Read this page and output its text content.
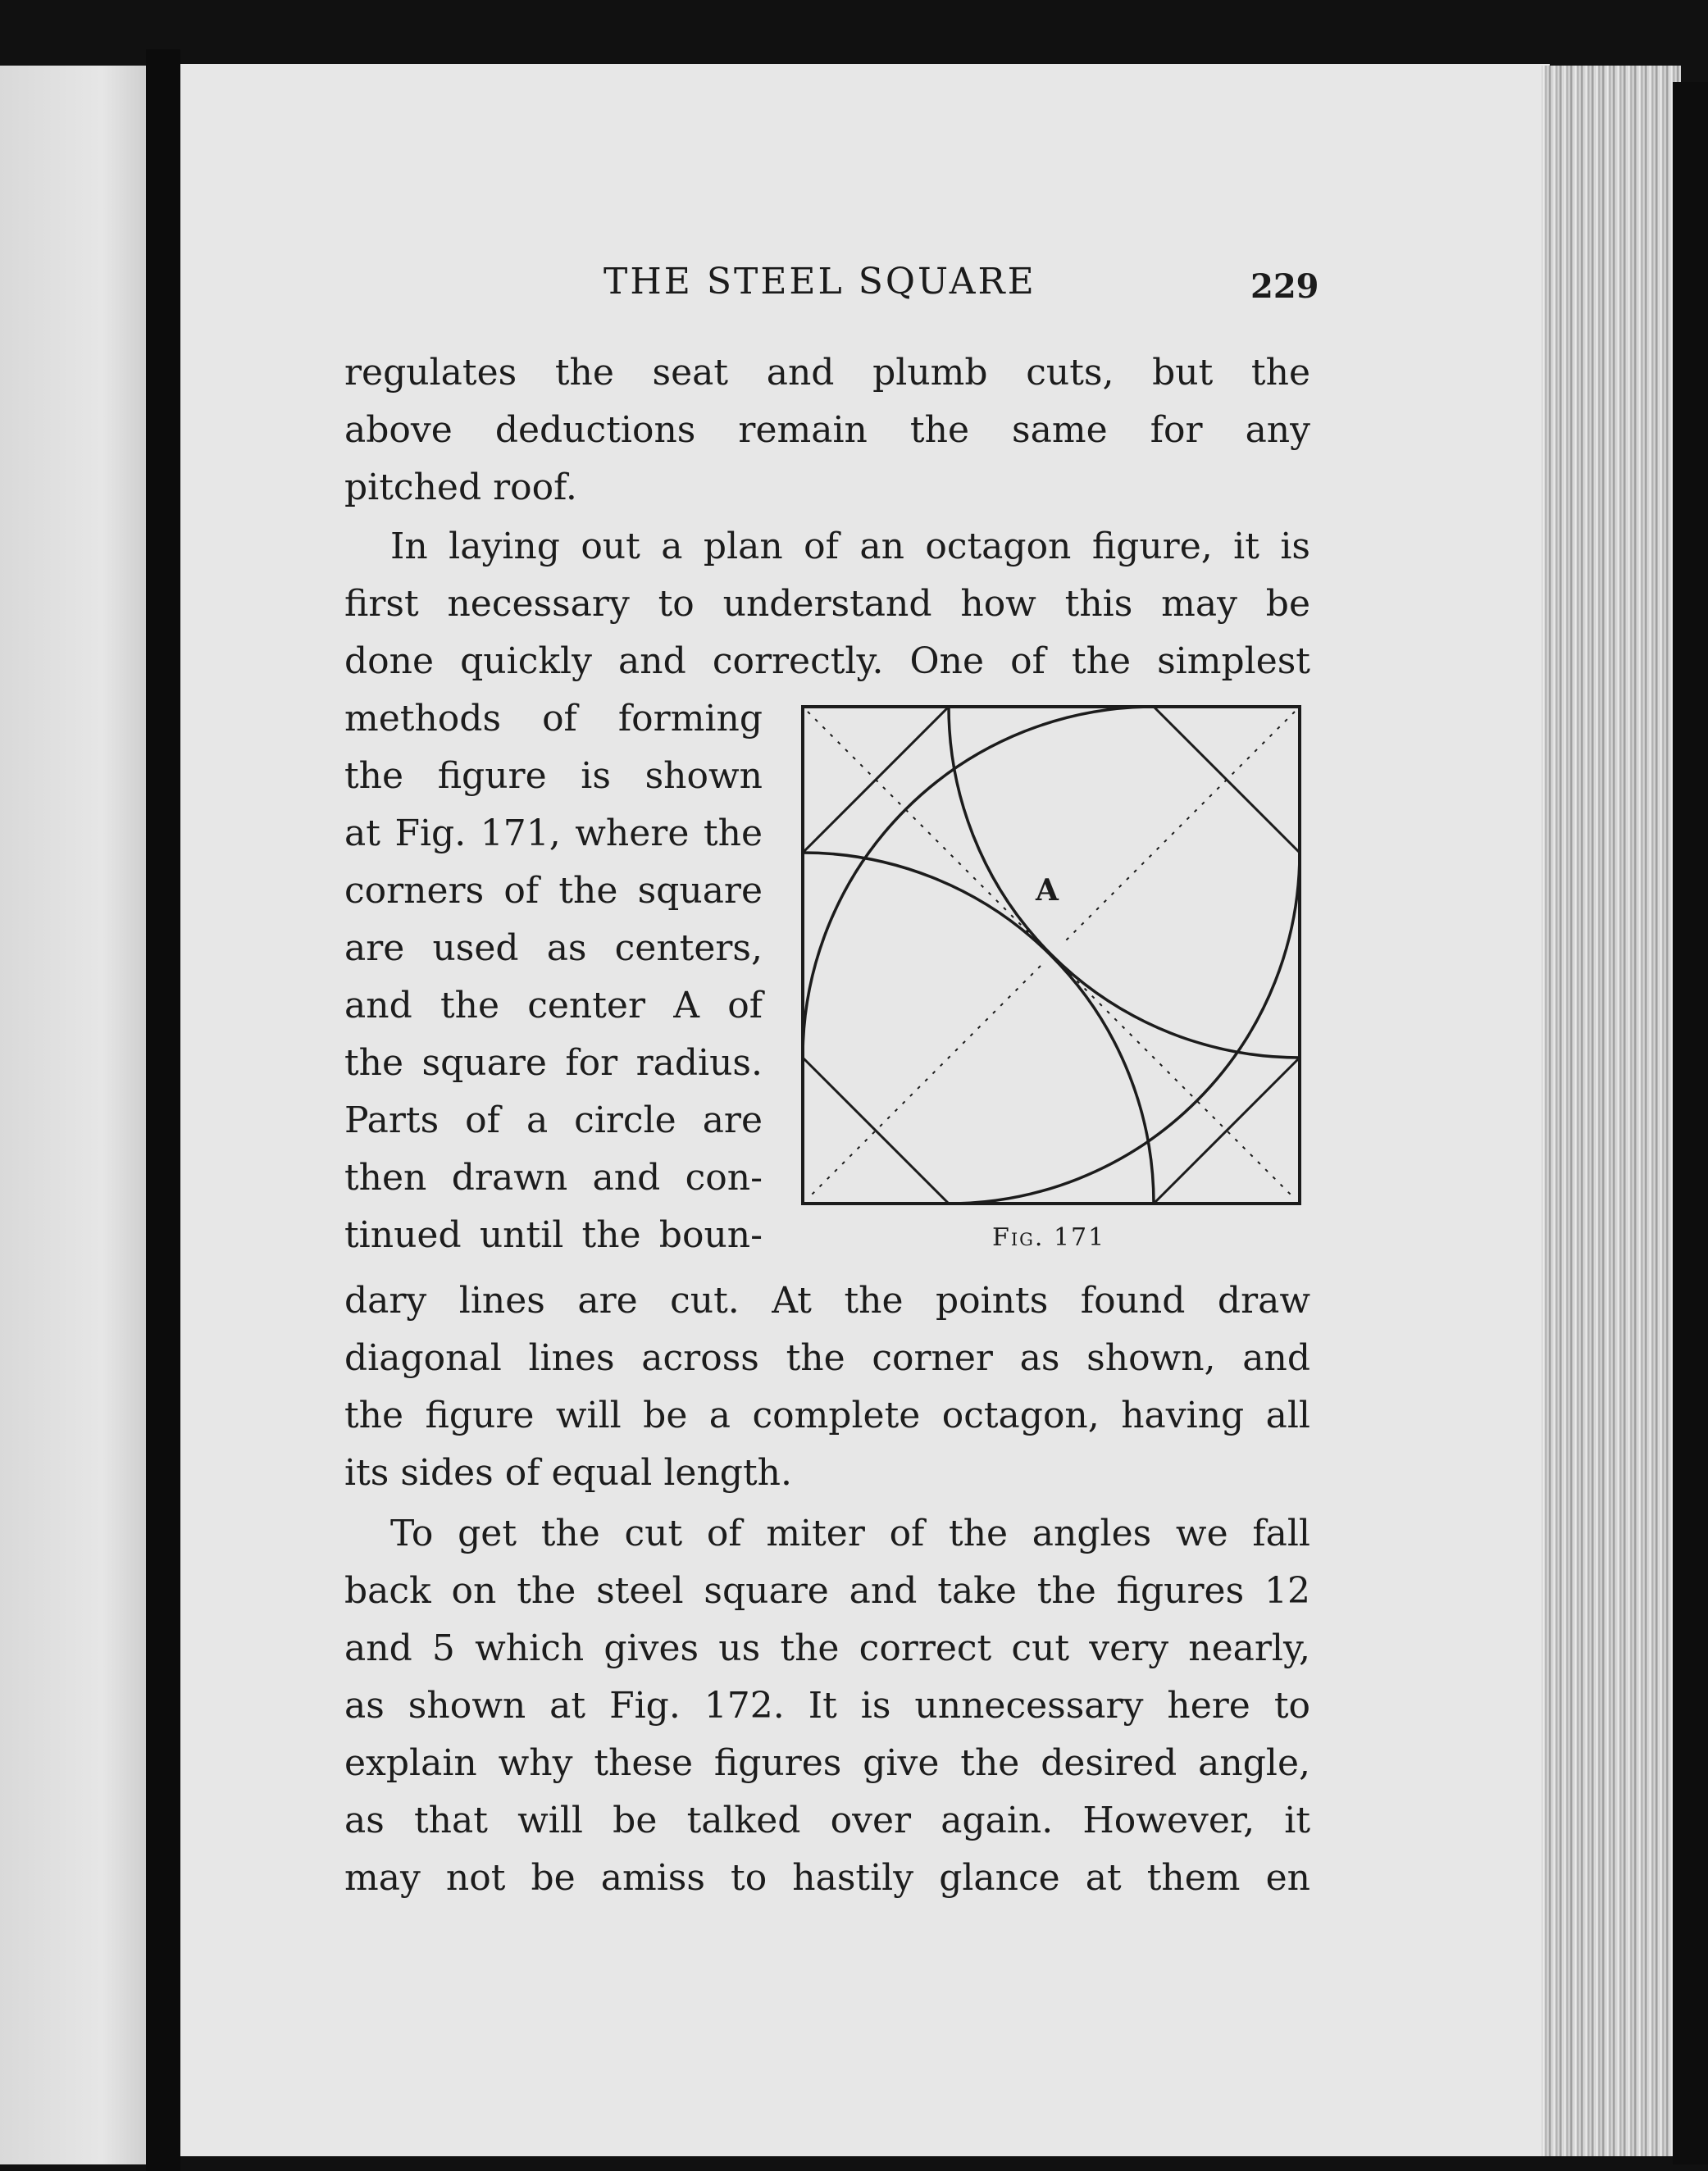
THE STEEL SQUARE	229
regulates the seat and plumb cuts, but the
above deductions remain the same for any
pitched roof.
In laying out a plan of an octagon figure, it is
first necessary to understand how this may be
done quickly and correctly. One of the simplest
methods of forming
the figure is shown
at Fig. 171, where the
corners of the square
are used as centers,
and the center A of
the square for radius.
Parts of a circle are
then drawn and con-
tinued until the boun-
dary lines are cut. At the points found draw
diagonal lines across the corner as shown, and
the figure will be a complete octagon, having all
its sides of equal length.
To get the cut of miter of the angles we fall
back on the steel square and take the figures 12
and 5 which gives us the correct cut very nearly,
as shown at Fig. 172. It is unnecessary here to
explain why these figures give the desired angle,
as that will be talked over again. However, it
may not be amiss to hastily glance at them en
A
Fig. 171
